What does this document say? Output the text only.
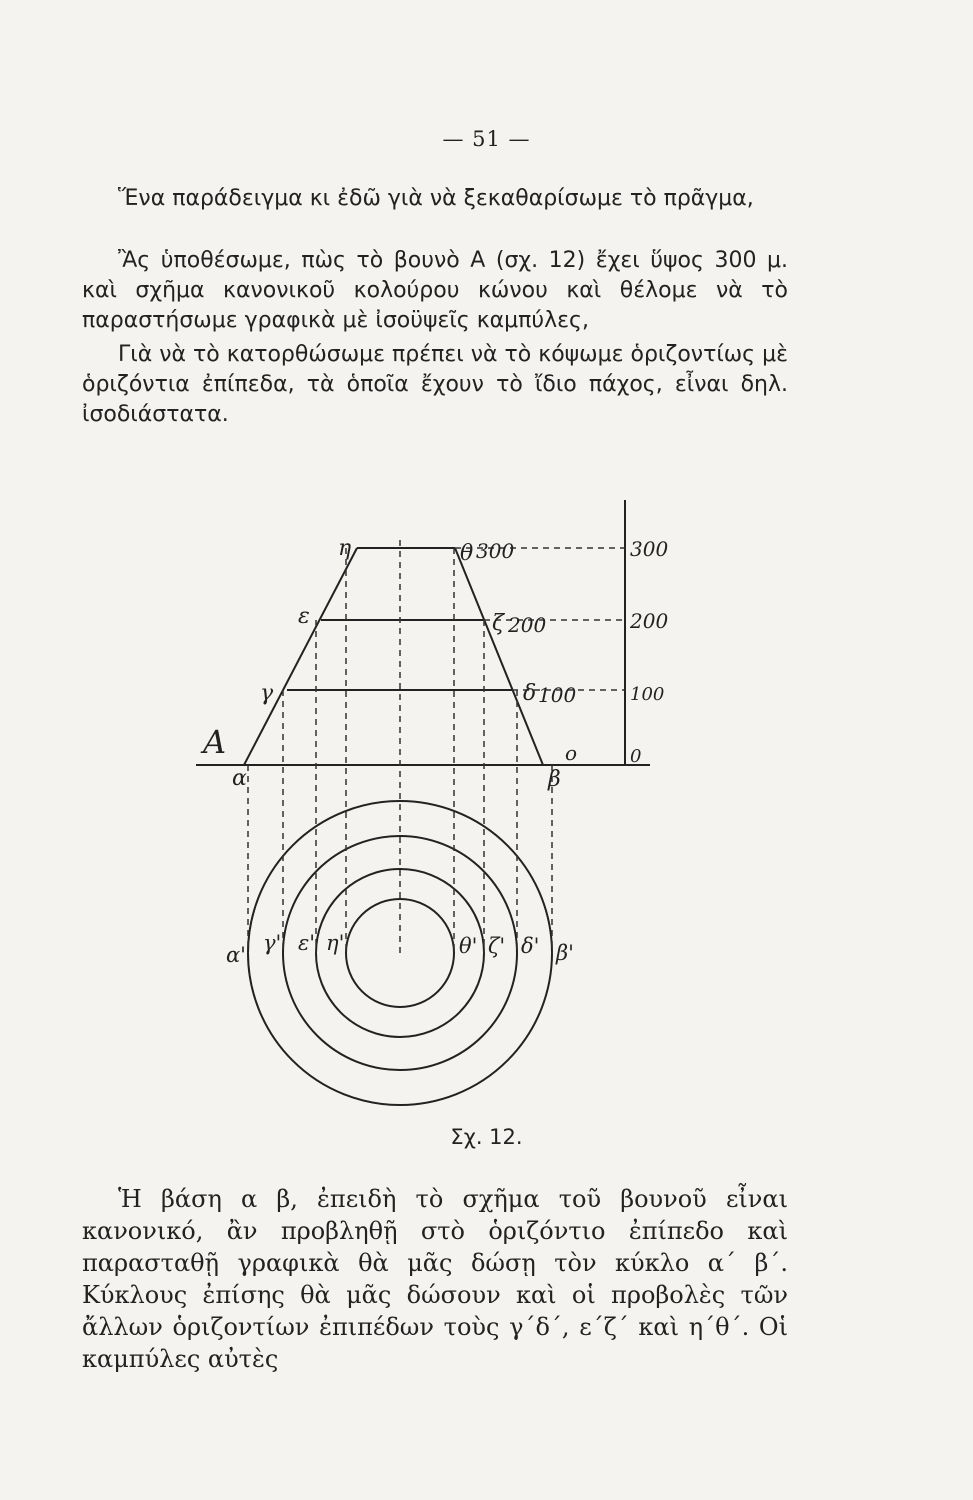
— 51 —

Ἕνα παράδειγμα κι ἐδῶ γιὰ νὰ ξεκαθαρίσωμε τὸ πρᾶγμα,

Ἂς ὑποθέσωμε, πὼς τὸ βουνὸ Α (σχ. 12) ἔχει ὕψος 300 μ. καὶ σχῆμα κανονικοῦ κολούρου κώνου καὶ θέλομε νὰ τὸ παραστήσωμε γραφικὰ μὲ ἰσοϋψεῖς καμπύλες,

Γιὰ νὰ τὸ κατορθώσωμε πρέπει νὰ τὸ κόψωμε ὁριζοντίως μὲ ὁριζόντια ἐπίπεδα, τὰ ὁποῖα ἔχουν τὸ ἴδιο πάχος, εἶναι δηλ. ἰσοδιάστατα.

Α
α	β
γ	δ
ε	ζ
η	θ
ο
300
200
100
300
200
100
0
α' γ' ε' η'	θ' ζ' δ' β'
Σχ. 12.

Ἡ βάση α β, ἐπειδὴ τὸ σχῆμα τοῦ βουνοῦ εἶναι κανονικό, ἂν προβληθῇ στὸ ὁριζόντιο ἐπίπεδο καὶ παρασταθῇ γραφικὰ θὰ μᾶς δώσῃ τὸν κύκλο α΄ β΄. Κύκλους ἐπίσης θὰ μᾶς δώσουν καὶ οἱ προβολὲς τῶν ἄλλων ὁριζοντίων ἐπιπέδων τοὺς γ΄δ΄, ε΄ζ΄ καὶ η΄θ΄. Οἱ καμπύλες αὐτὲς
